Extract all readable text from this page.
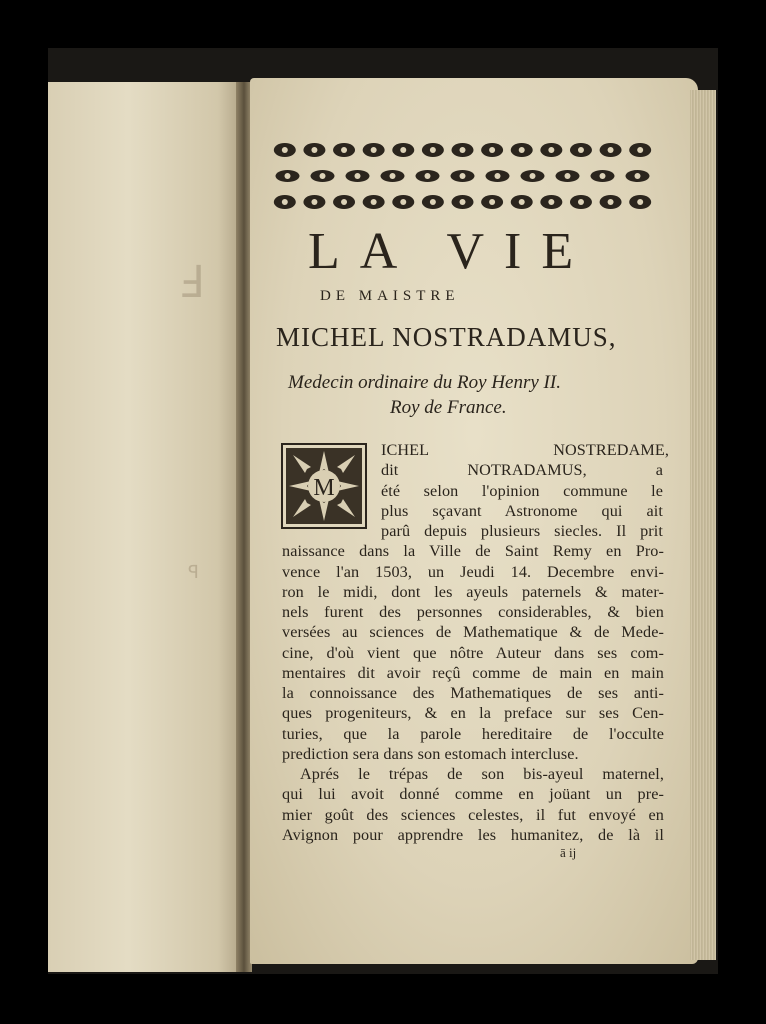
Ⅎ
ꟼ
LA VIE
DE MAISTRE
MICHEL NOSTRADAMUS,
Medecin ordinaire du Roy Henry II.
Roy de France.
M
ICHEL NOSTREDAME,
dit NOTRADAMUS, a
été selon l'opinion commune le
plus sçavant Astronome qui ait
parû depuis plusieurs siecles. Il prit
naissance dans la Ville de Saint Remy en Pro-
vence l'an 1503, un Jeudi 14. Decembre envi-
ron le midi, dont les ayeuls paternels & mater-
nels furent des personnes considerables, & bien
versées au sciences de Mathematique & de Mede-
cine, d'où vient que nôtre Auteur dans ses com-
mentaires dit avoir reçû comme de main en main
la connoissance des Mathematiques de ses anti-
ques progeniteurs, & en la preface sur ses Cen-
turies, que la parole hereditaire de l'occulte
prediction sera dans son estomach intercluse.
Aprés le trépas de son bis-ayeul maternel,
qui lui avoit donné comme en joüant un pre-
mier goût des sciences celestes, il fut envoyé en
Avignon pour apprendre les humanitez, de là il
ā ij
